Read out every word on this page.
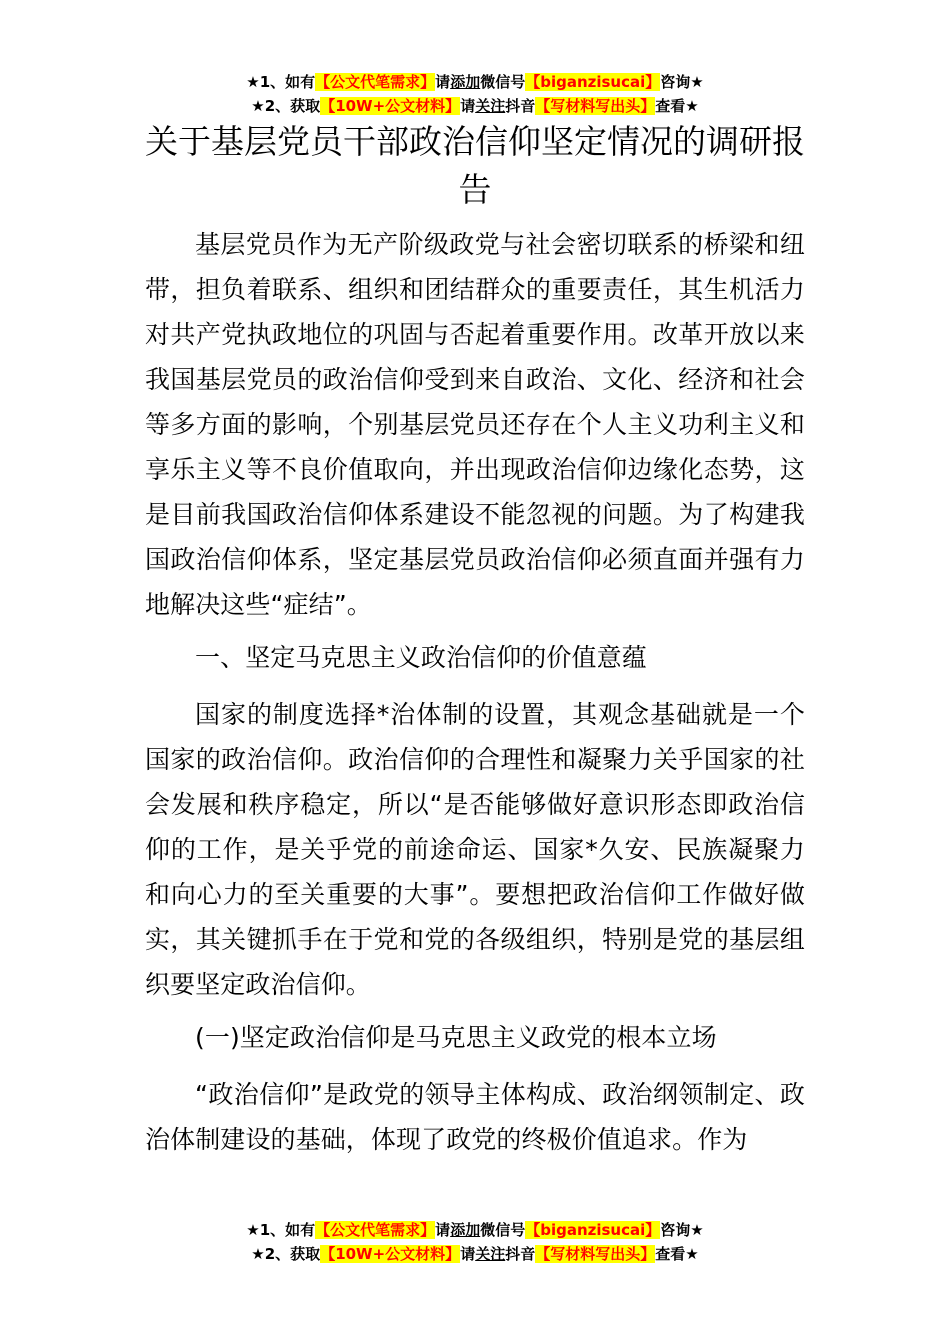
★1、如有【公文代笔需求】请添加微信号【biganzisucai】咨询★
★2、获取【10W+公文材料】请关注抖音【写材料写出头】查看★
关于基层党员干部政治信仰坚定情况的调研报告

基层党员作为无产阶级政党与社会密切联系的桥梁和纽带，担负着联系、组织和团结群众的重要责任，其生机活力对共产党执政地位的巩固与否起着重要作用。改革开放以来我国基层党员的政治信仰受到来自政治、文化、经济和社会等多方面的影响，个别基层党员还存在个人主义功利主义和享乐主义等不良价值取向，并出现政治信仰边缘化态势，这是目前我国政治信仰体系建设不能忽视的问题。为了构建我国政治信仰体系，坚定基层党员政治信仰必须直面并强有力地解决这些“症结”。

一、坚定马克思主义政治信仰的价值意蕴

国家的制度选择*治体制的设置，其观念基础就是一个国家的政治信仰。政治信仰的合理性和凝聚力关乎国家的社会发展和秩序稳定，所以“是否能够做好意识形态即政治信仰的工作，是关乎党的前途命运、国家*久安、民族凝聚力和向心力的至关重要的大事”。要想把政治信仰工作做好做实，其关键抓手在于党和党的各级组织，特别是党的基层组织要坚定政治信仰。

(一)坚定政治信仰是马克思主义政党的根本立场

“政治信仰”是政党的领导主体构成、政治纲领制定、政治体制建设的基础，体现了政党的终极价值追求。作为

★1、如有【公文代笔需求】请添加微信号【biganzisucai】咨询★
★2、获取【10W+公文材料】请关注抖音【写材料写出头】查看★
